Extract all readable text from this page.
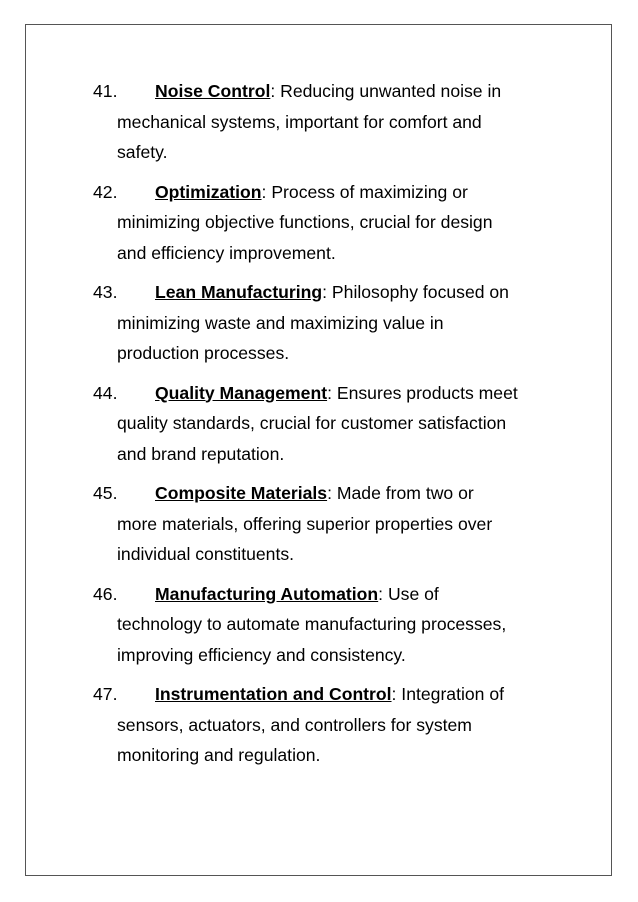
41. Noise Control: Reducing unwanted noise in
mechanical systems, important for comfort and
safety.
42. Optimization: Process of maximizing or
minimizing objective functions, crucial for design
and efficiency improvement.
43. Lean Manufacturing: Philosophy focused on
minimizing waste and maximizing value in
production processes.
44. Quality Management: Ensures products meet
quality standards, crucial for customer satisfaction
and brand reputation.
45. Composite Materials: Made from two or
more materials, offering superior properties over
individual constituents.
46. Manufacturing Automation: Use of
technology to automate manufacturing processes,
improving efficiency and consistency.
47. Instrumentation and Control: Integration of
sensors, actuators, and controllers for system
monitoring and regulation.
